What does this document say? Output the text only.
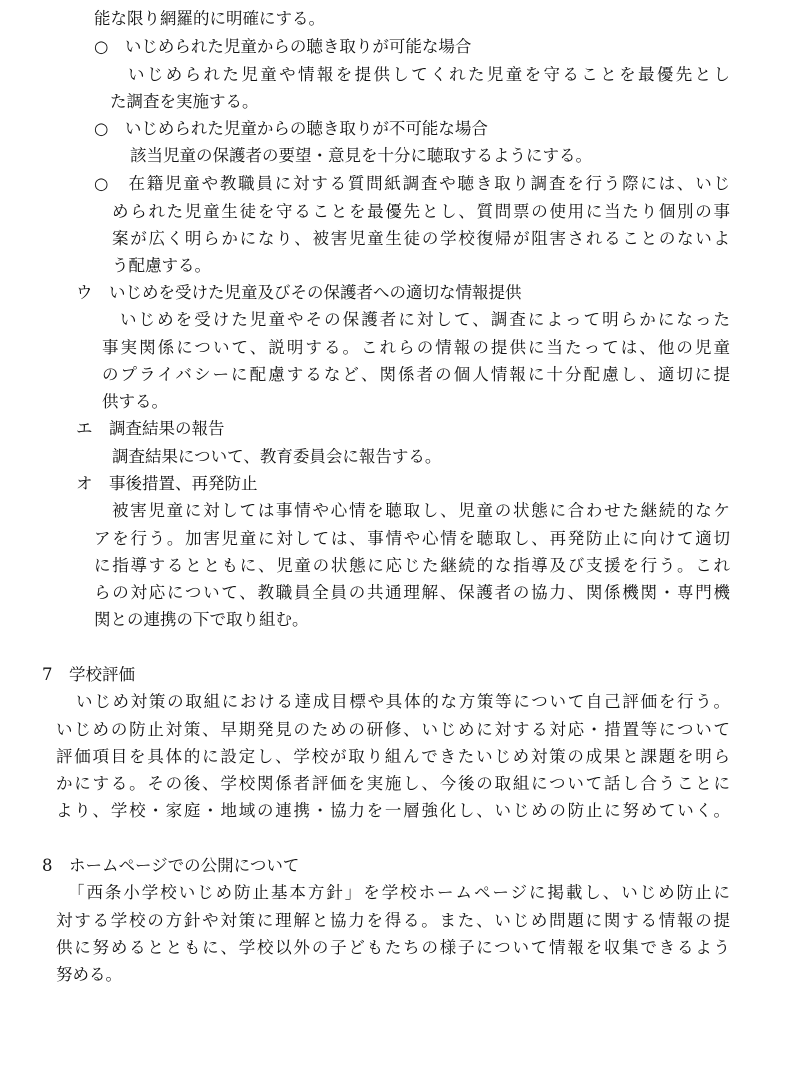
能な限り網羅的に明確にする。

○　いじめられた児童からの聴き取りが可能な場合

いじめられた児童や情報を提供してくれた児童を守ることを最優先とし

た調査を実施する。

○　いじめられた児童からの聴き取りが不可能な場合

該当児童の保護者の要望・意見を十分に聴取するようにする。

○　在籍児童や教職員に対する質問紙調査や聴き取り調査を行う際には、いじ

められた児童生徒を守ることを最優先とし、質問票の使用に当たり個別の事

案が広く明らかになり、被害児童生徒の学校復帰が阻害されることのないよ

う配慮する。

ウ　いじめを受けた児童及びその保護者への適切な情報提供

いじめを受けた児童やその保護者に対して、調査によって明らかになった

事実関係について、説明する。これらの情報の提供に当たっては、他の児童

のプライバシーに配慮するなど、関係者の個人情報に十分配慮し、適切に提

供する。

エ　調査結果の報告

調査結果について、教育委員会に報告する。

オ　事後措置、再発防止

被害児童に対しては事情や心情を聴取し、児童の状態に合わせた継続的なケ

アを行う。加害児童に対しては、事情や心情を聴取し、再発防止に向けて適切

に指導するとともに、児童の状態に応じた継続的な指導及び支援を行う。これ

らの対応について、教職員全員の共通理解、保護者の協力、関係機関・専門機

関との連携の下で取り組む。

7　学校評価

いじめ対策の取組における達成目標や具体的な方策等について自己評価を行う。

いじめの防止対策、早期発見のための研修、いじめに対する対応・措置等について

評価項目を具体的に設定し、学校が取り組んできたいじめ対策の成果と課題を明ら

かにする。その後、学校関係者評価を実施し、今後の取組について話し合うことに

より、学校・家庭・地域の連携・協力を一層強化し、いじめの防止に努めていく。

8　ホームページでの公開について

「西条小学校いじめ防止基本方針」を学校ホームページに掲載し、いじめ防止に

対する学校の方針や対策に理解と協力を得る。また、いじめ問題に関する情報の提

供に努めるとともに、学校以外の子どもたちの様子について情報を収集できるよう

努める。
